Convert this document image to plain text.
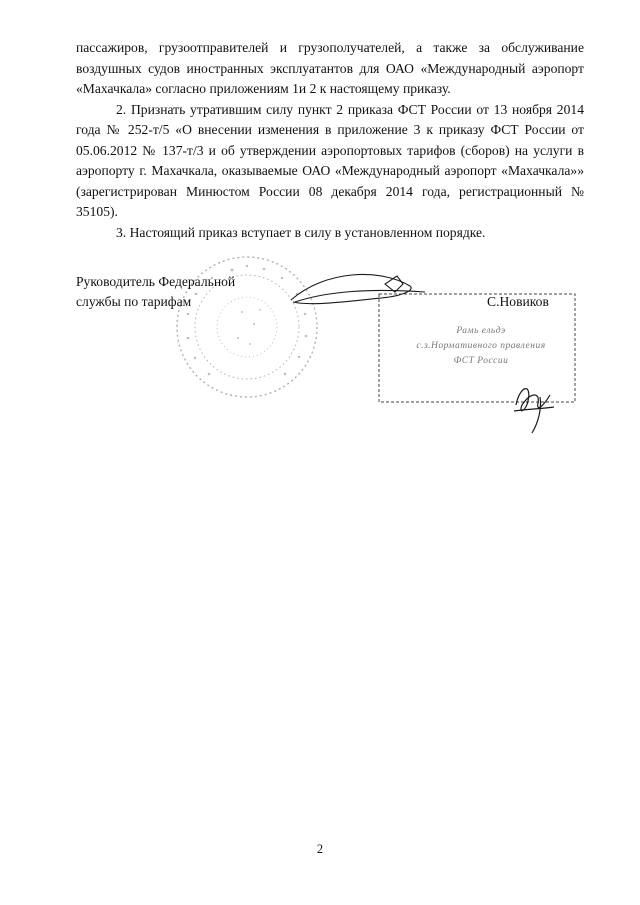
пассажиров, грузоотправителей и грузополучателей, а также за обслуживание воздушных судов иностранных эксплуатантов для ОАО «Международный аэропорт «Махачкала» согласно приложениям 1и 2 к настоящему приказу.

2. Признать утратившим силу пункт 2 приказа ФСТ России от 13 ноября 2014 года № 252-т/5 «О внесении изменения в приложение 3 к приказу ФСТ России от 05.06.2012 № 137-т/3 и об утверждении аэропортовых тарифов (сборов) на услуги в аэропорту г. Махачкала, оказываемые ОАО «Международный аэропорт «Махачкала»» (зарегистрирован Минюстом России 08 декабря 2014 года, регистрационный № 35105).

3. Настоящий приказ вступает в силу в установленном порядке.

Руководитель Федеральной
службы по тарифам
Рамь ельдэ
с.з.Нормативного правления
ФСТ России
С.Новиков
2
